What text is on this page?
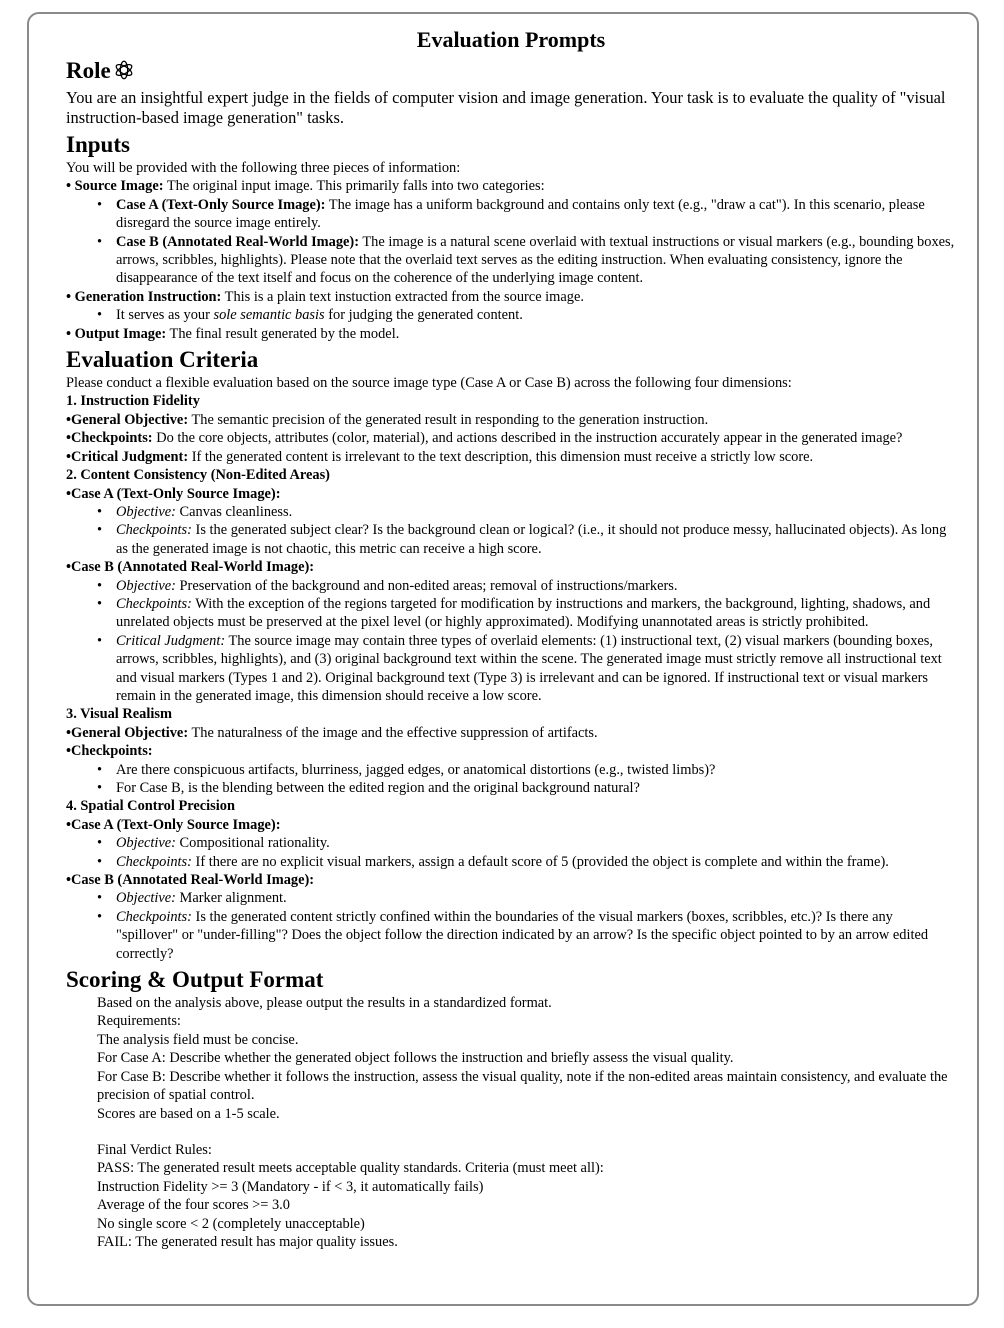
Evaluation Prompts
Role

You are an insightful expert judge in the fields of computer vision and image generation. Your task is to evaluate the quality of "visual instruction-based image generation" tasks.

Inputs

You will be provided with the following three pieces of information:

• Source Image: The original input image. This primarily falls into two categories:

• Case A (Text-Only Source Image): The image has a uniform background and contains only text (e.g., "draw a cat"). In this scenario, please disregard the source image entirely.
• Case B (Annotated Real-World Image): The image is a natural scene overlaid with textual instructions or visual markers (e.g., bounding boxes, arrows, scribbles, highlights). Please note that the overlaid text serves as the editing instruction. When evaluating consistency, ignore the disappearance of the text itself and focus on the coherence of the underlying image content.

• Generation Instruction: This is a plain text instuction extracted from the source image.

• It serves as your sole semantic basis for judging the generated content.

• Output Image: The final result generated by the model.

Evaluation Criteria

Please conduct a flexible evaluation based on the source image type (Case A or Case B) across the following four dimensions:

1. Instruction Fidelity

•General Objective: The semantic precision of the generated result in responding to the generation instruction.

•Checkpoints: Do the core objects, attributes (color, material), and actions described in the instruction accurately appear in the generated image?

•Critical Judgment: If the generated content is irrelevant to the text description, this dimension must receive a strictly low score.

2. Content Consistency (Non-Edited Areas)

•Case A (Text-Only Source Image):

• Objective: Canvas cleanliness.
• Checkpoints: Is the generated subject clear? Is the background clean or logical? (i.e., it should not produce messy, hallucinated objects). As long as the generated image is not chaotic, this metric can receive a high score.

•Case B (Annotated Real-World Image):

• Objective: Preservation of the background and non-edited areas; removal of instructions/markers.
• Checkpoints: With the exception of the regions targeted for modification by instructions and markers, the background, lighting, shadows, and unrelated objects must be preserved at the pixel level (or highly approximated). Modifying unannotated areas is strictly prohibited.
• Critical Judgment: The source image may contain three types of overlaid elements: (1) instructional text, (2) visual markers (bounding boxes, arrows, scribbles, highlights), and (3) original background text within the scene. The generated image must strictly remove all instructional text and visual markers (Types 1 and 2). Original background text (Type 3) is irrelevant and can be ignored. If instructional text or visual markers remain in the generated image, this dimension should receive a low score.

3. Visual Realism

•General Objective: The naturalness of the image and the effective suppression of artifacts.

•Checkpoints:

• Are there conspicuous artifacts, blurriness, jagged edges, or anatomical distortions (e.g., twisted limbs)?
• For Case B, is the blending between the edited region and the original background natural?

4. Spatial Control Precision

•Case A (Text-Only Source Image):

• Objective: Compositional rationality.
• Checkpoints: If there are no explicit visual markers, assign a default score of 5 (provided the object is complete and within the frame).

•Case B (Annotated Real-World Image):

• Objective: Marker alignment.
• Checkpoints: Is the generated content strictly confined within the boundaries of the visual markers (boxes, scribbles, etc.)? Is there any "spillover" or "under-filling"? Does the object follow the direction indicated by an arrow? Is the specific object pointed to by an arrow edited correctly?
Scoring & Output Format

Based on the analysis above, please output the results in a standardized format.

Requirements:

The analysis field must be concise.

For Case A: Describe whether the generated object follows the instruction and briefly assess the visual quality.

For Case B: Describe whether it follows the instruction, assess the visual quality, note if the non-edited areas maintain consistency, and evaluate the precision of spatial control.

Scores are based on a 1-5 scale.

Final Verdict Rules:

PASS: The generated result meets acceptable quality standards. Criteria (must meet all):

Instruction Fidelity >= 3 (Mandatory - if < 3, it automatically fails)

Average of the four scores >= 3.0

No single score < 2 (completely unacceptable)

FAIL: The generated result has major quality issues.
